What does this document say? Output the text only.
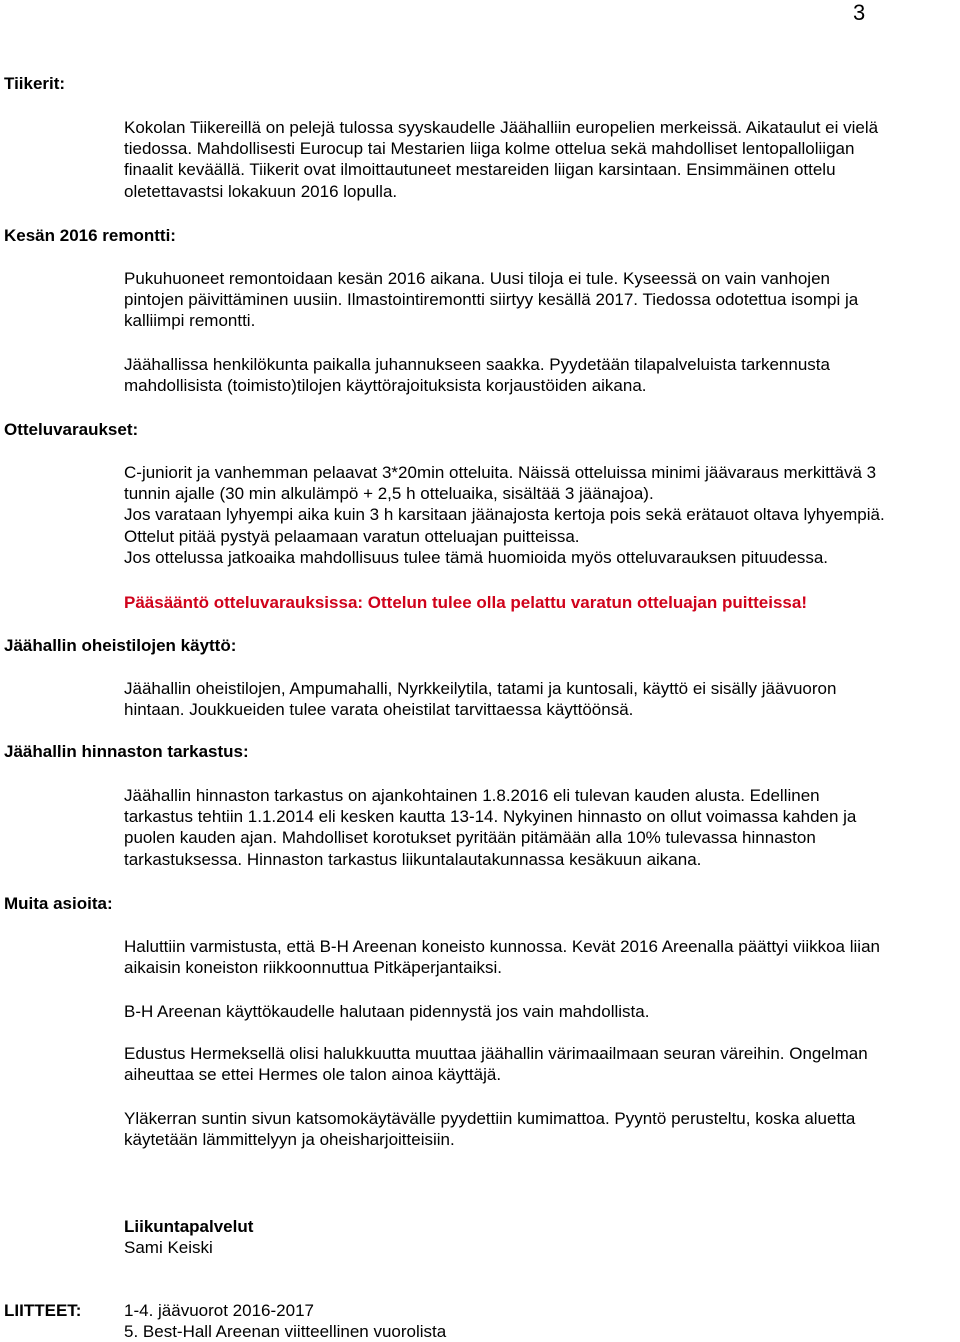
3
Tiikerit:
Kesän 2016 remontti:
Otteluvaraukset:
Jäähallin oheistilojen käyttö:
Jäähallin hinnaston tarkastus:
Muita asioita:
Kokolan Tiikereillä on pelejä tulossa syyskaudelle Jäähalliin europelien merkeissä. Aikataulut ei vielä
tiedossa. Mahdollisesti Eurocup tai Mestarien liiga kolme ottelua sekä mahdolliset lentopalloliigan
finaalit keväällä. Tiikerit ovat ilmoittautuneet mestareiden liigan karsintaan. Ensimmäinen ottelu
oletettavastsi lokakuun 2016 lopulla.
Pukuhuoneet remontoidaan kesän 2016 aikana. Uusi tiloja ei tule. Kyseessä on vain vanhojen
pintojen päivittäminen uusiin. Ilmastointiremontti siirtyy kesällä 2017. Tiedossa odotettua isompi ja
kalliimpi remontti.
Jäähallissa henkilökunta paikalla juhannukseen saakka. Pyydetään tilapalveluista tarkennusta
mahdollisista (toimisto)tilojen käyttörajoituksista korjaustöiden aikana.
C-juniorit ja vanhemman pelaavat 3*20min otteluita. Näissä otteluissa minimi jäävaraus merkittävä 3
tunnin ajalle (30 min alkulämpö + 2,5 h otteluaika, sisältää 3 jäänajoa).
Jos varataan lyhyempi aika kuin 3 h karsitaan jäänajosta kertoja pois sekä erätauot oltava lyhyempiä.
Ottelut pitää pystyä pelaamaan varatun otteluajan puitteissa.
Jos ottelussa jatkoaika mahdollisuus tulee tämä huomioida myös otteluvarauksen pituudessa.
Pääsääntö otteluvarauksissa: Ottelun tulee olla pelattu varatun otteluajan puitteissa!
Jäähallin oheistilojen, Ampumahalli, Nyrkkeilytila, tatami ja kuntosali, käyttö ei sisälly jäävuoron
hintaan. Joukkueiden tulee varata oheistilat tarvittaessa käyttöönsä.
Jäähallin hinnaston tarkastus on ajankohtainen 1.8.2016 eli tulevan kauden alusta. Edellinen
tarkastus tehtiin 1.1.2014 eli kesken kautta 13-14. Nykyinen hinnasto on ollut voimassa kahden ja
puolen kauden ajan. Mahdolliset korotukset pyritään pitämään alla 10% tulevassa hinnaston
tarkastuksessa. Hinnaston tarkastus liikuntalautakunnassa kesäkuun aikana.
Haluttiin varmistusta, että B-H Areenan koneisto kunnossa. Kevät 2016 Areenalla päättyi viikkoa liian
aikaisin koneiston riikkoonnuttua Pitkäperjantaiksi.
B-H Areenan käyttökaudelle halutaan pidennystä jos vain mahdollista.
Edustus Hermeksellä olisi halukkuutta muuttaa jäähallin värimaailmaan seuran väreihin. Ongelman
aiheuttaa se ettei Hermes ole talon ainoa käyttäjä.
Yläkerran suntin sivun katsomokäytävälle pyydettiin kumimattoa. Pyyntö perusteltu, koska aluetta
käytetään lämmittelyyn ja oheisharjoitteisiin.
Liikuntapalvelut
Sami Keiski
LIITTEET:	1-4. jäävuorot 2016-2017
5. Best-Hall Areenan viitteellinen vuorolista
